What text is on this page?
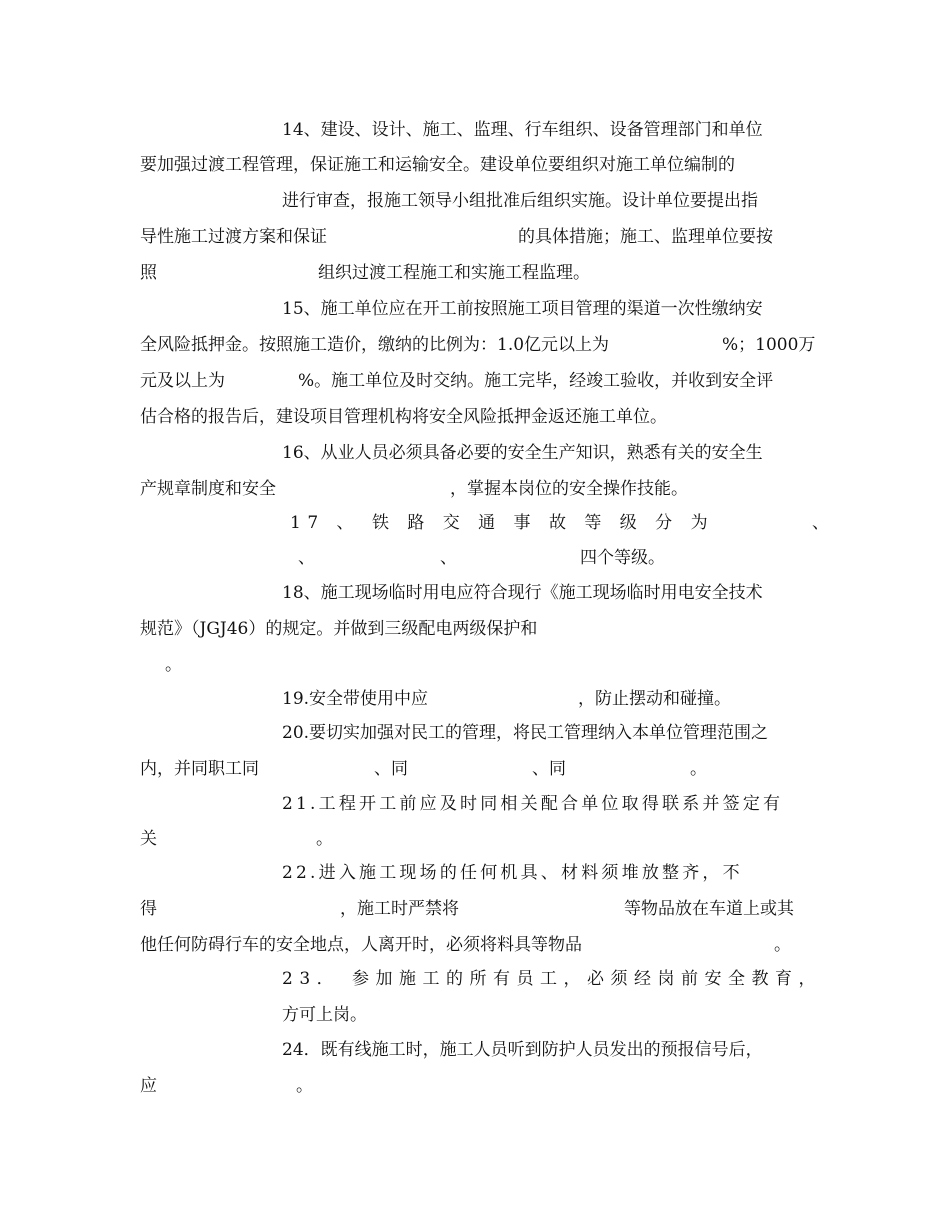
14、建设、设计、施工、监理、行车组织、设备管理部门和单位
要加强过渡工程管理，保证施工和运输安全。建设单位要组织对施工单位编制的
进行审查，报施工领导小组批准后组织实施。设计单位要提出指
导性施工过渡方案和保证	的具体措施；施工、监理单位要按
照	组织过渡工程施工和实施工程监理。
15、施工单位应在开工前按照施工项目管理的渠道一次性缴纳安
全风险抵押金。按照施工造价，缴纳的比例为：1.0亿元以上为	%；1000万
元及以上为	%。施工单位及时交纳。施工完毕，经竣工验收，并收到安全评
估合格的报告后，建设项目管理机构将安全风险抵押金返还施工单位。
16、从业人员必须具备必要的安全生产知识，熟悉有关的安全生
产规章制度和安全	，掌握本岗位的安全操作技能。
17 、 铁 路 交 通 事 故 等 级 分 为	、
、	、	四个等级。
18、施工现场临时用电应符合现行《施工现场临时用电安全技术
规范》（JGJ46）的规定。并做到三级配电两级保护和
。
19.安全带使用中应	，防止摆动和碰撞。
20.要切实加强对民工的管理，将民工管理纳入本单位管理范围之
内，并同职工同	、同	、同	。
21.工程开工前应及时同相关配合单位取得联系并签定有
关	。
22.进入施工现场的任何机具、材料须堆放整齐，不
得	，施工时严禁将	等物品放在车道上或其
他任何防碍行车的安全地点，人离开时，必须将料具等物品	。
23． 参加施工的所有员工，必须经岗前安全教育，
方可上岗。
24．既有线施工时，施工人员听到防护人员发出的预报信号后，
应	。
